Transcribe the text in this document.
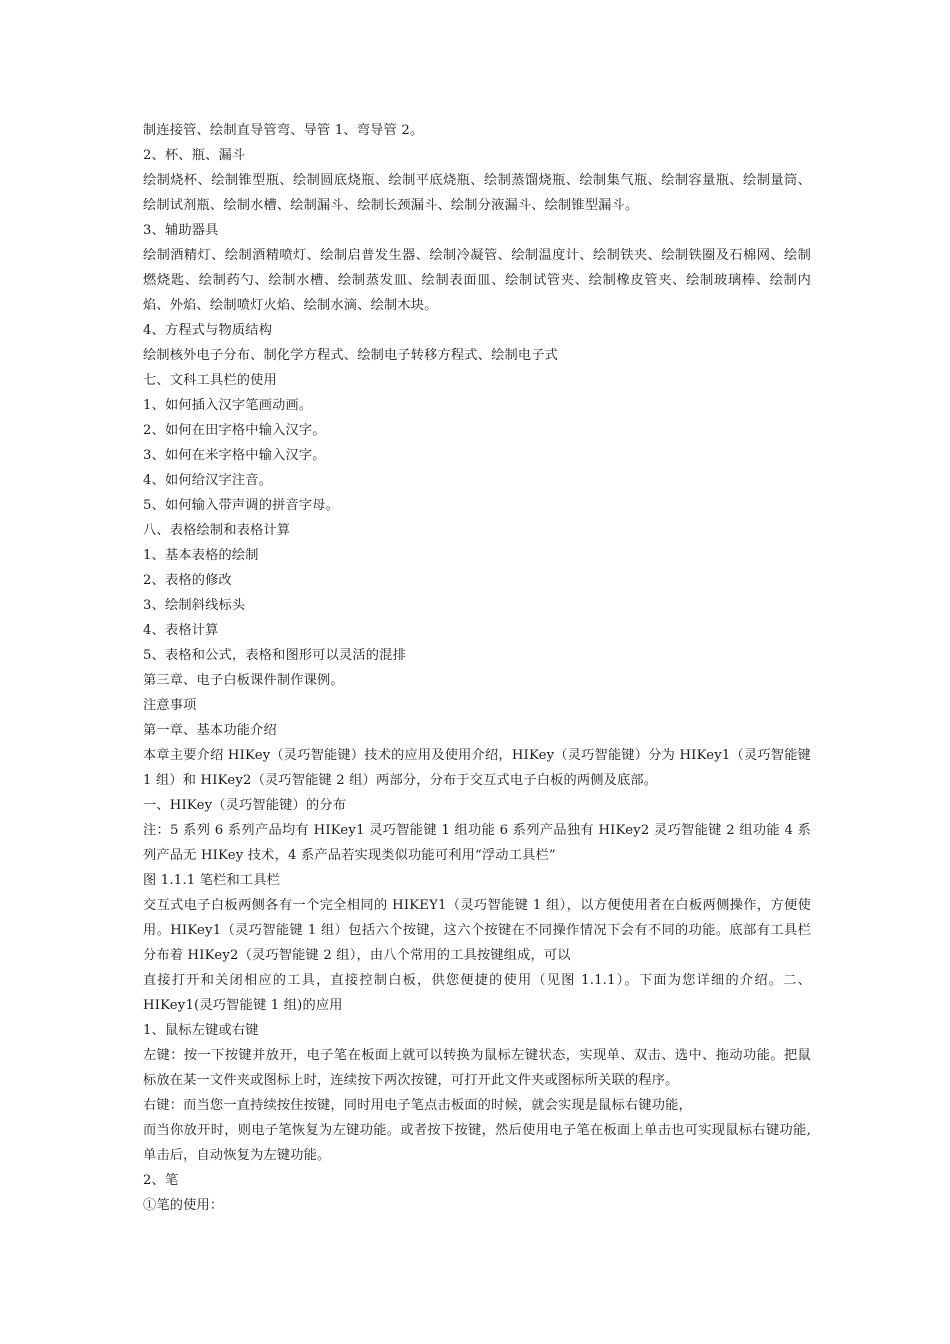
制连接管、绘制直导管弯、导管 1、弯导管 2。

2、杯、瓶、漏斗

绘制烧杯、绘制锥型瓶、绘制圆底烧瓶、绘制平底烧瓶、绘制蒸馏烧瓶、绘制集气瓶、绘制容量瓶、绘制量筒、绘制试剂瓶、绘制水槽、绘制漏斗、绘制长颈漏斗、绘制分液漏斗、绘制锥型漏斗。

3、辅助器具

绘制酒精灯、绘制酒精喷灯、绘制启普发生器、绘制冷凝管、绘制温度计、绘制铁夹、绘制铁圈及石棉网、绘制燃烧匙、绘制药勺、绘制水槽、绘制蒸发皿、绘制表面皿、绘制试管夹、绘制橡皮管夹、绘制玻璃棒、绘制内焰、外焰、绘制喷灯火焰、绘制水滴、绘制木块。

4、方程式与物质结构

绘制核外电子分布、制化学方程式、绘制电子转移方程式、绘制电子式

七、文科工具栏的使用

1、如何插入汉字笔画动画。

2、如何在田字格中输入汉字。

3、如何在米字格中输入汉字。

4、如何给汉字注音。

5、如何输入带声调的拼音字母。

八、表格绘制和表格计算

1、基本表格的绘制

2、表格的修改

3、绘制斜线标头

4、表格计算

5、表格和公式，表格和图形可以灵活的混排

第三章、电子白板课件制作课例。

注意事项

第一章、基本功能介绍

本章主要介绍 HIKey（灵巧智能键）技术的应用及使用介绍，HIKey（灵巧智能键）分为 HIKey1（灵巧智能键 1 组）和 HIKey2（灵巧智能键 2 组）两部分，分布于交互式电子白板的两侧及底部。

一、HIKey（灵巧智能键）的分布

注：5 系列 6 系列产品均有 HIKey1 灵巧智能键 1 组功能 6 系列产品独有 HIKey2 灵巧智能键 2 组功能 4 系列产品无 HIKey 技术，4 系产品若实现类似功能可利用“浮动工具栏”

图 1.1.1 笔栏和工具栏

交互式电子白板两侧各有一个完全相同的 HIKEY1（灵巧智能键 1 组），以方便使用者在白板两侧操作，方便使用。HIKey1（灵巧智能键 1 组）包括六个按键，这六个按键在不同操作情况下会有不同的功能。底部有工具栏分布着 HIKey2（灵巧智能键 2 组），由八个常用的工具按键组成，可以

直接打开和关闭相应的工具，直接控制白板，供您便捷的使用（见图 1.1.1）。下面为您详细的介绍。二、HIKey1(灵巧智能键 1 组)的应用

1、鼠标左键或右键

左键：按一下按键并放开，电子笔在板面上就可以转换为鼠标左键状态，实现单、双击、选中、拖动功能。把鼠标放在某一文件夹或图标上时，连续按下两次按键，可打开此文件夹或图标所关联的程序。

右键：而当您一直持续按住按键，同时用电子笔点击板面的时候，就会实现是鼠标右键功能，

而当你放开时，则电子笔恢复为左键功能。或者按下按键，然后使用电子笔在板面上单击也可实现鼠标右键功能,单击后，自动恢复为左键功能。

2、笔

①笔的使用：
